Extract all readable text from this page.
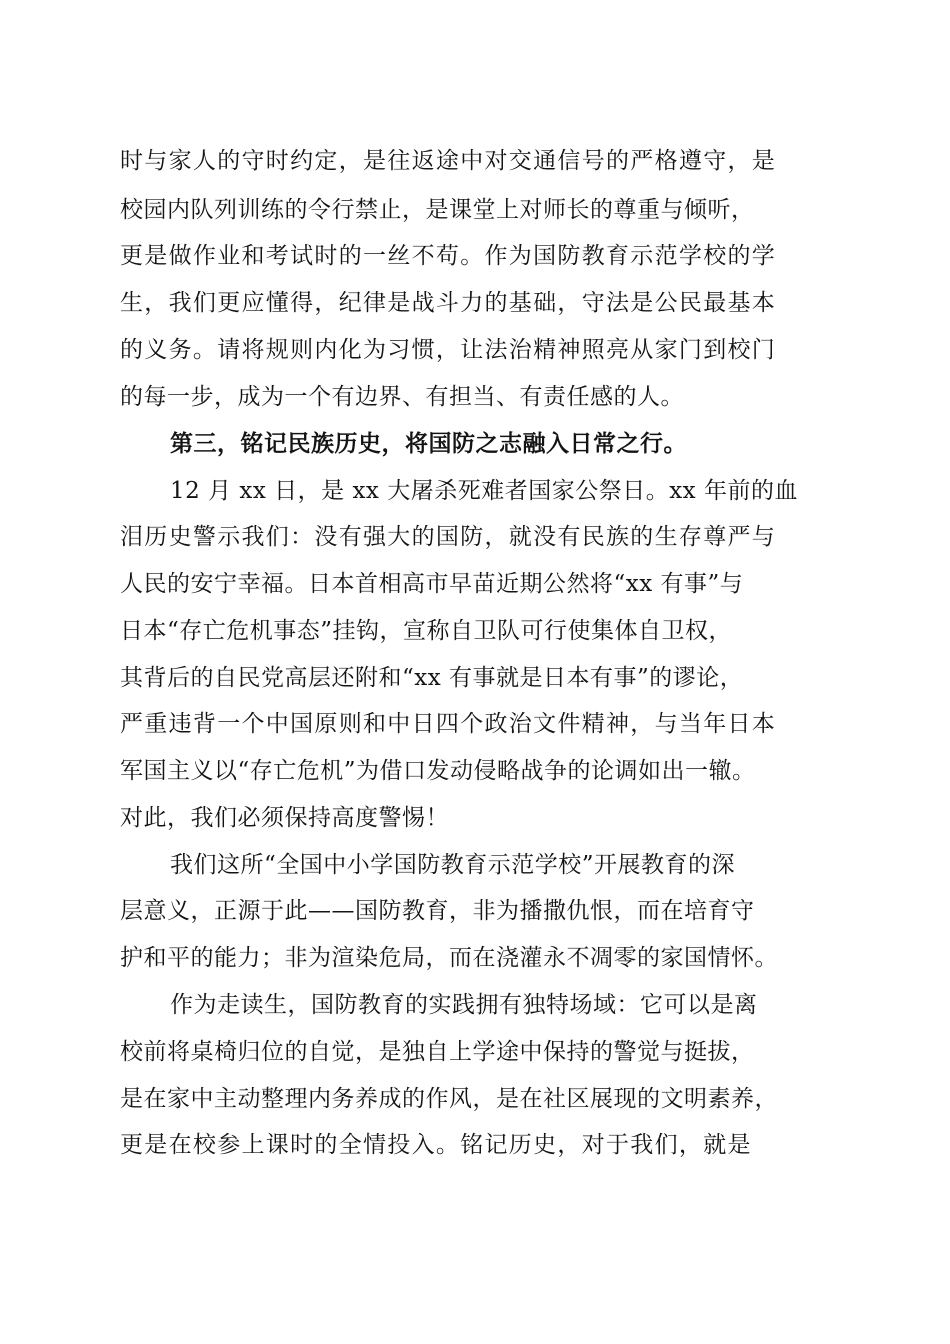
时与家人的守时约定，是往返途中对交通信号的严格遵守，是

校园内队列训练的令行禁止，是课堂上对师长的尊重与倾听，

更是做作业和考试时的一丝不苟。作为国防教育示范学校的学

生，我们更应懂得，纪律是战斗力的基础，守法是公民最基本

的义务。请将规则内化为习惯，让法治精神照亮从家门到校门

的每一步，成为一个有边界、有担当、有责任感的人。

第三，铭记民族历史，将国防之志融入日常之行。

12 月 xx 日，是 xx 大屠杀死难者国家公祭日。xx 年前的血

泪历史警示我们：没有强大的国防，就没有民族的生存尊严与

人民的安宁幸福。日本首相高市早苗近期公然将“xx 有事”与

日本“存亡危机事态”挂钩，宣称自卫队可行使集体自卫权，

其背后的自民党高层还附和“xx 有事就是日本有事”的谬论，

严重违背一个中国原则和中日四个政治文件精神，与当年日本

军国主义以“存亡危机”为借口发动侵略战争的论调如出一辙。

对此，我们必须保持高度警惕！

我们这所“全国中小学国防教育示范学校”开展教育的深

层意义，正源于此——国防教育，非为播撒仇恨，而在培育守

护和平的能力；非为渲染危局，而在浇灌永不凋零的家国情怀。

作为走读生，国防教育的实践拥有独特场域：它可以是离

校前将桌椅归位的自觉，是独自上学途中保持的警觉与挺拔，

是在家中主动整理内务养成的作风，是在社区展现的文明素养，

更是在校参上课时的全情投入。铭记历史，对于我们，就是
